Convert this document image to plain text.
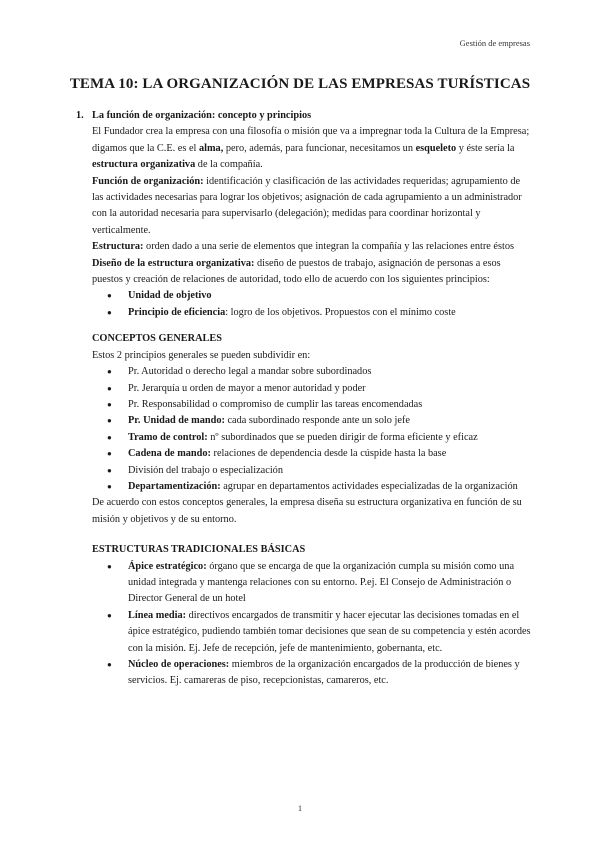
Gestión de empresas
TEMA 10: LA ORGANIZACIÓN DE LAS EMPRESAS TURÍSTICAS
1. La función de organización: concepto y principios

El Fundador crea la empresa con una filosofía o misión que va a impregnar toda la Cultura de la Empresa; digamos que la C.E. es el alma, pero, además, para funcionar, necesitamos un esqueleto y éste sería la estructura organizativa de la compañía.

Función de organización: identificación y clasificación de las actividades requeridas; agrupamiento de las actividades necesarias para lograr los objetivos; asignación de cada agrupamiento a un administrador con la autoridad necesaria para supervisarlo (delegación); medidas para coordinar horizontal y verticalmente.

Estructura: orden dado a una serie de elementos que integran la compañía y las relaciones entre éstos

Diseño de la estructura organizativa: diseño de puestos de trabajo, asignación de personas a esos puestos y creación de relaciones de autoridad, todo ello de acuerdo con los siguientes principios:

● Unidad de objetivo
● Principio de eficiencia: logro de los objetivos. Propuestos con el mínimo coste
CONCEPTOS GENERALES

Estos 2 principios generales se pueden subdividir en:

● Pr. Autoridad o derecho legal a mandar sobre subordinados
● Pr. Jerarquía u orden de mayor a menor autoridad y poder
● Pr. Responsabilidad o compromiso de cumplir las tareas encomendadas
● Pr. Unidad de mando: cada subordinado responde ante un solo jefe
● Tramo de control: nº subordinados que se pueden dirigir de forma eficiente y eficaz
● Cadena de mando: relaciones de dependencia desde la cúspide hasta la base
● División del trabajo o especialización
● Departamentización: agrupar en departamentos actividades especializadas de la organización

De acuerdo con estos conceptos generales, la empresa diseña su estructura organizativa en función de su misión y objetivos y de su entorno.

ESTRUCTURAS TRADICIONALES BÁSICAS
● Ápice estratégico: órgano que se encarga de que la organización cumpla su misión como una unidad integrada y mantenga relaciones con su entorno. P.ej. El Consejo de Administración o Director General de un hotel
● Línea media: directivos encargados de transmitir y hacer ejecutar las decisiones tomadas en el ápice estratégico, pudiendo también tomar decisiones que sean de su competencia y estén acordes con la misión. Ej. Jefe de recepción, jefe de mantenimiento, gobernanta, etc.
● Núcleo de operaciones: miembros de la organización encargados de la producción de bienes y servicios. Ej. camareras de piso, recepcionistas, camareros, etc.
1
